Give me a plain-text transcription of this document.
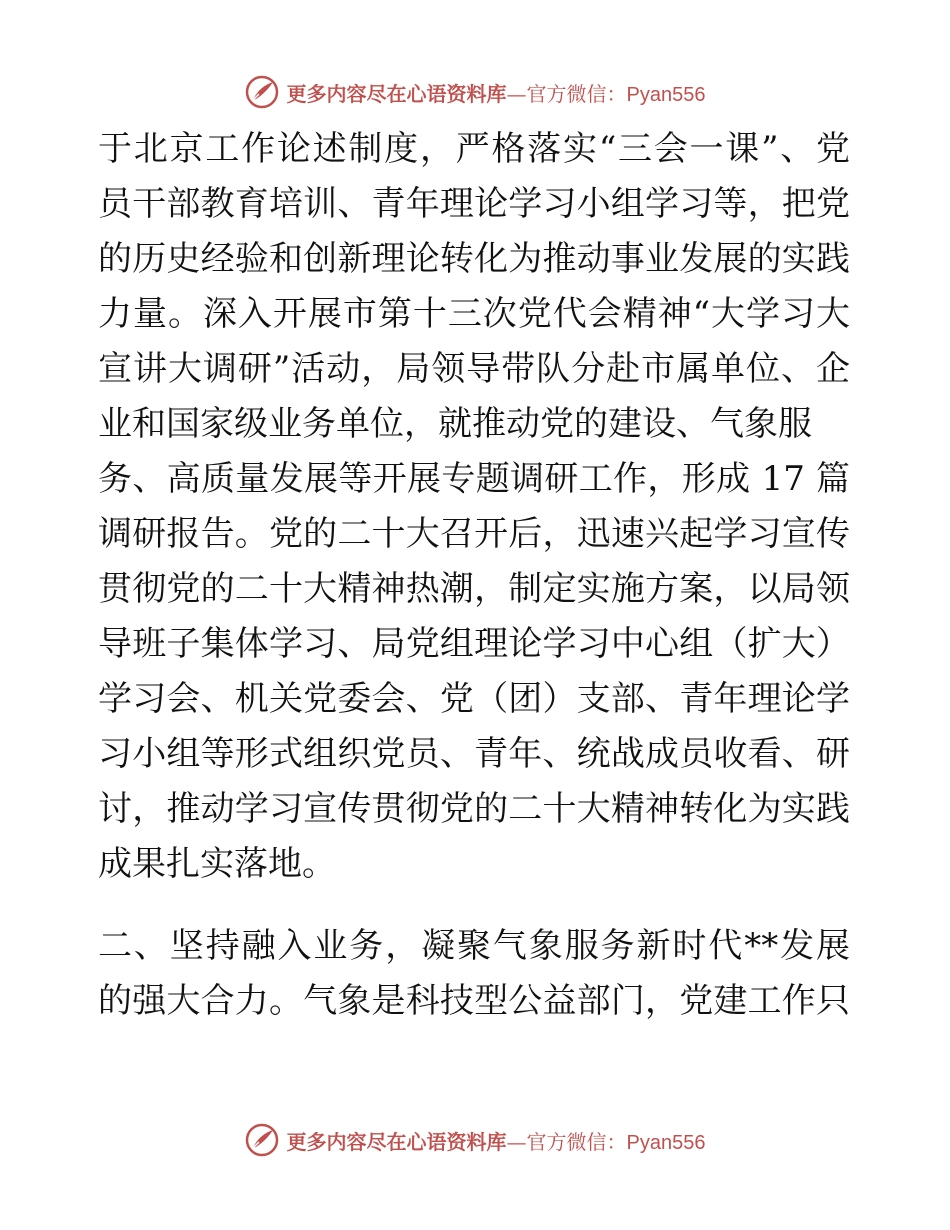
更多内容尽在心语资料库—官方微信：Pyan556
于北京工作论述制度，严格落实“三会一课”、党
员干部教育培训、青年理论学习小组学习等，把党
的历史经验和创新理论转化为推动事业发展的实践
力量。深入开展市第十三次党代会精神“大学习大
宣讲大调研”活动，局领导带队分赴市属单位、企
业和国家级业务单位，就推动党的建设、气象服
务、高质量发展等开展专题调研工作，形成 17 篇
调研报告。党的二十大召开后，迅速兴起学习宣传
贯彻党的二十大精神热潮，制定实施方案，以局领
导班子集体学习、局党组理论学习中心组（扩大）
学习会、机关党委会、党（团）支部、青年理论学
习小组等形式组织党员、青年、统战成员收看、研
讨，推动学习宣传贯彻党的二十大精神转化为实践
成果扎实落地。
二、坚持融入业务，凝聚气象服务新时代**发展
的强大合力。气象是科技型公益部门，党建工作只
更多内容尽在心语资料库—官方微信：Pyan556
